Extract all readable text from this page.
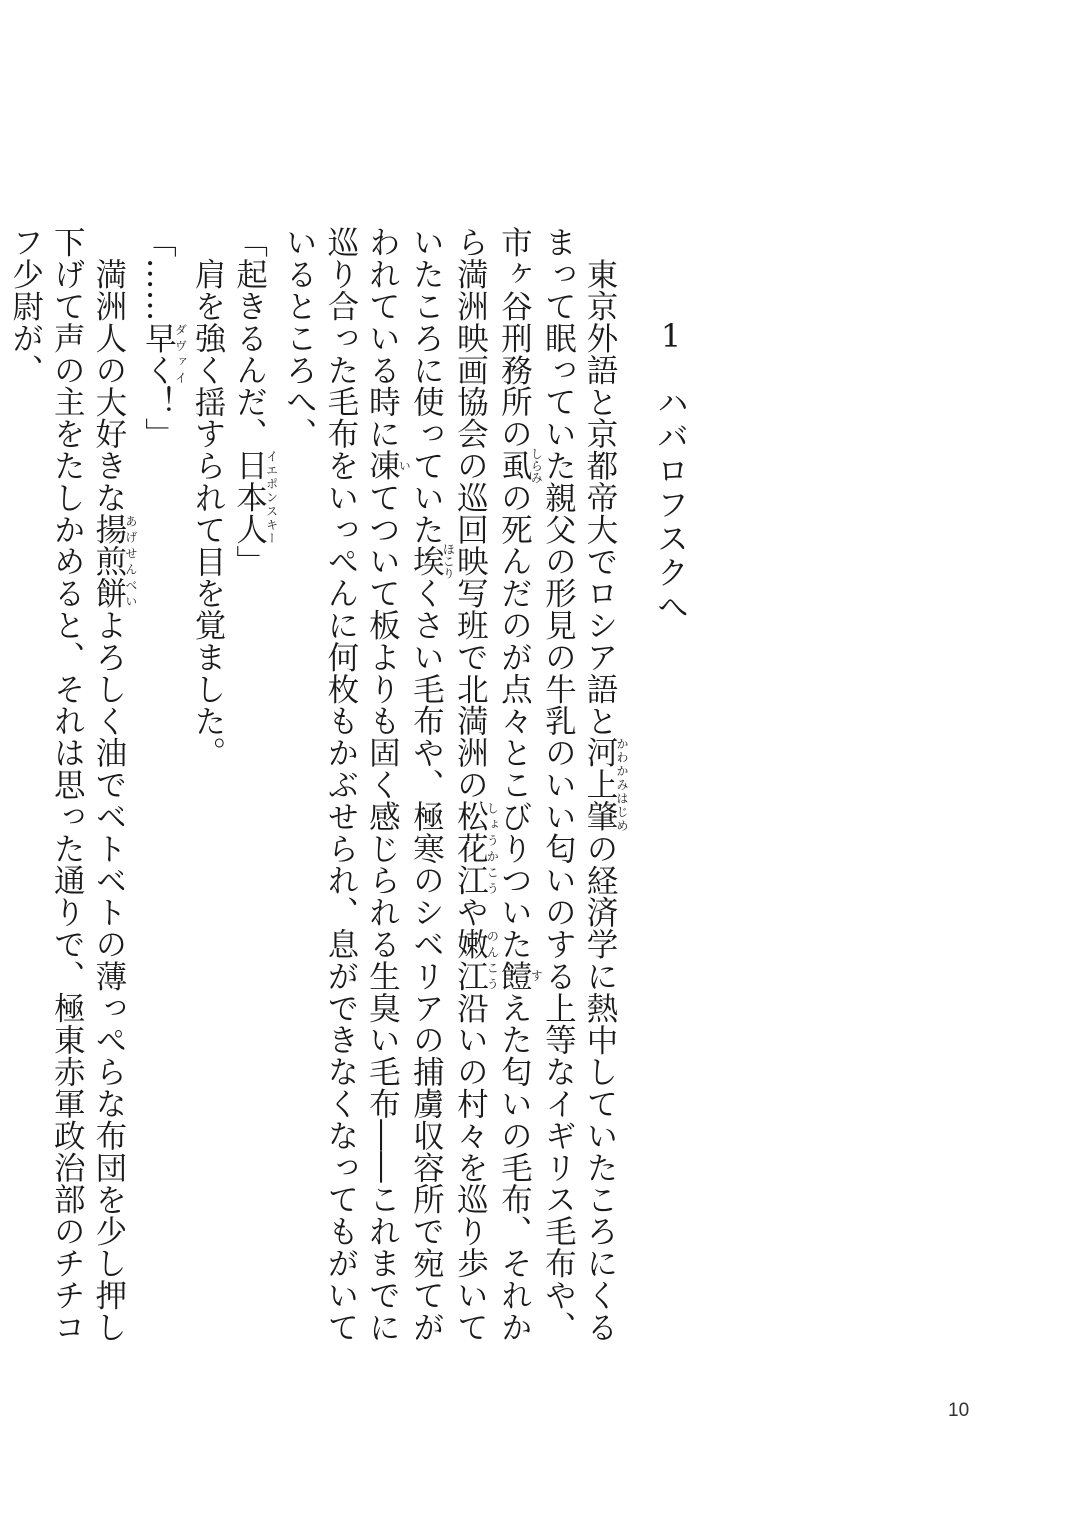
1ハバロフスクへ

東京外語と京都帝大でロシア語と河上肇かわかみはじめの経済学に熱中していたころにくるまって眠っていた親父の形見の牛乳のいい匂いのする上等なイギリス毛布や、市ヶ谷刑務所の虱しらみの死んだのが点々とこびりついた饐すえた匂いの毛布、それから満洲映画協会の巡回映写班で北満洲の松花江しょうかこうや嫩江のんこう沿いの村々を巡り歩いていたころに使っていた埃ほこりくさい毛布や、極寒のシベリアの捕虜収容所で宛てがわれている時に凍いてついて板よりも固く感じられる生臭い毛布――これまでに巡り合った毛布をいっぺんに何枚もかぶせられ、息ができなくなってもがいているところへ、

「起きるんだ、日本人イエポンスキー」

肩を強く揺すられて目を覚ました。

「……早くダヴァイ！」

満洲人の大好きな揚煎餅あげせんべいよろしく油でベトベトの薄っぺらな布団を少し押し下げて声の主をたしかめると、それは思った通りで、極東赤軍政治部のチチコフ少尉が、

10
